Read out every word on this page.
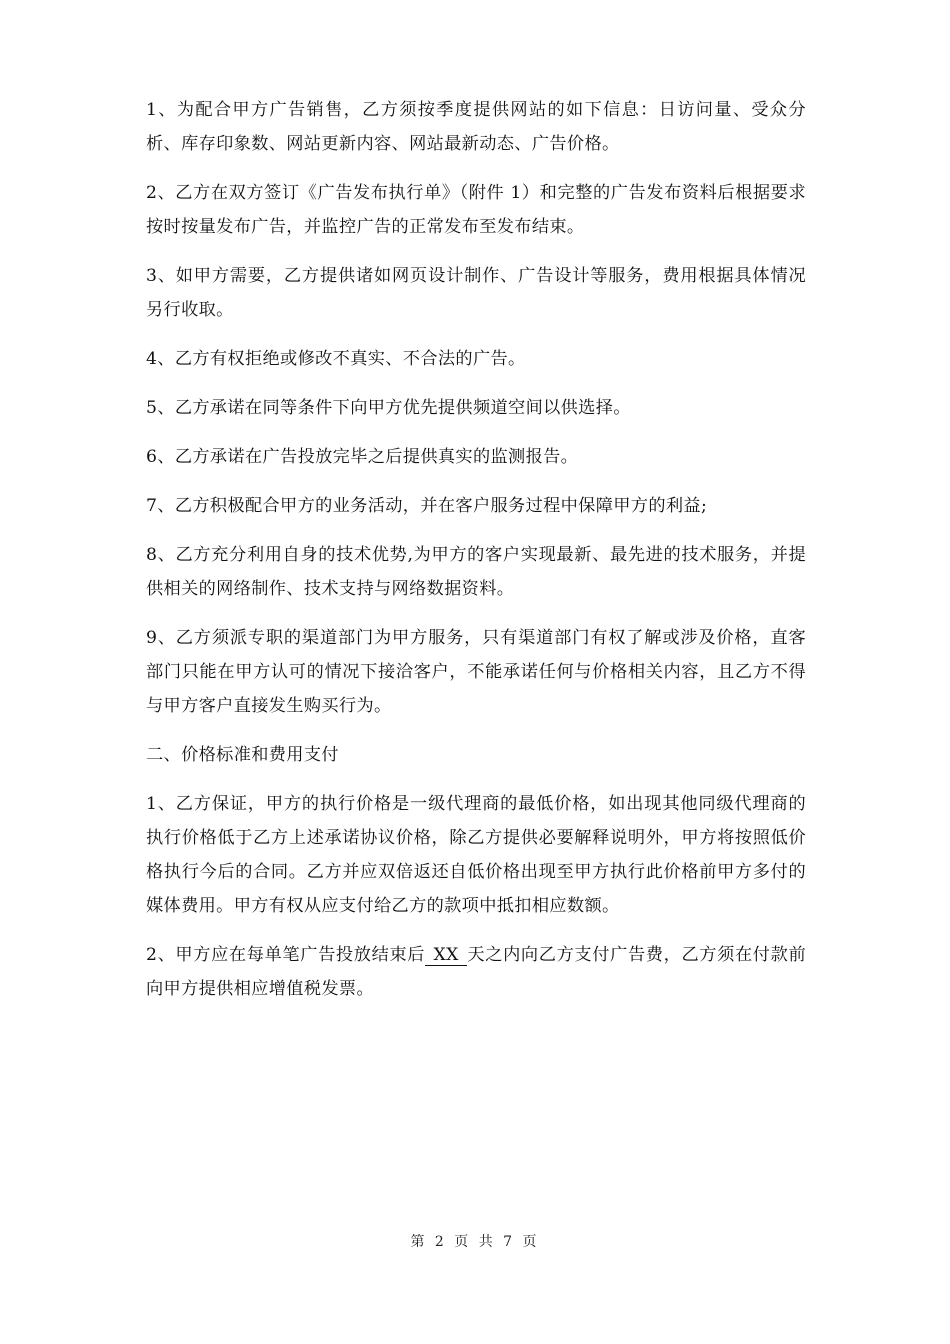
1、为配合甲方广告销售，乙方须按季度提供网站的如下信息：日访问量、受众分析、库存印象数、网站更新内容、网站最新动态、广告价格。

2、乙方在双方签订《广告发布执行单》（附件 1）和完整的广告发布资料后根据要求按时按量发布广告，并监控广告的正常发布至发布结束。

3、如甲方需要，乙方提供诸如网页设计制作、广告设计等服务，费用根据具体情况另行收取。

4、乙方有权拒绝或修改不真实、不合法的广告。

5、乙方承诺在同等条件下向甲方优先提供频道空间以供选择。

6、乙方承诺在广告投放完毕之后提供真实的监测报告。

7、乙方积极配合甲方的业务活动，并在客户服务过程中保障甲方的利益;

8、乙方充分利用自身的技术优势,为甲方的客户实现最新、最先进的技术服务，并提供相关的网络制作、技术支持与网络数据资料。

9、乙方须派专职的渠道部门为甲方服务，只有渠道部门有权了解或涉及价格，直客部门只能在甲方认可的情况下接洽客户，不能承诺任何与价格相关内容，且乙方不得与甲方客户直接发生购买行为。

二、价格标准和费用支付

1、乙方保证，甲方的执行价格是一级代理商的最低价格，如出现其他同级代理商的执行价格低于乙方上述承诺协议价格，除乙方提供必要解释说明外，甲方将按照低价格执行今后的合同。乙方并应双倍返还自低价格出现至甲方执行此价格前甲方多付的媒体费用。甲方有权从应支付给乙方的款项中抵扣相应数额。

2、甲方应在每单笔广告投放结束后 XX 天之内向乙方支付广告费，乙方须在付款前向甲方提供相应增值税发票。

第 2 页 共 7 页
